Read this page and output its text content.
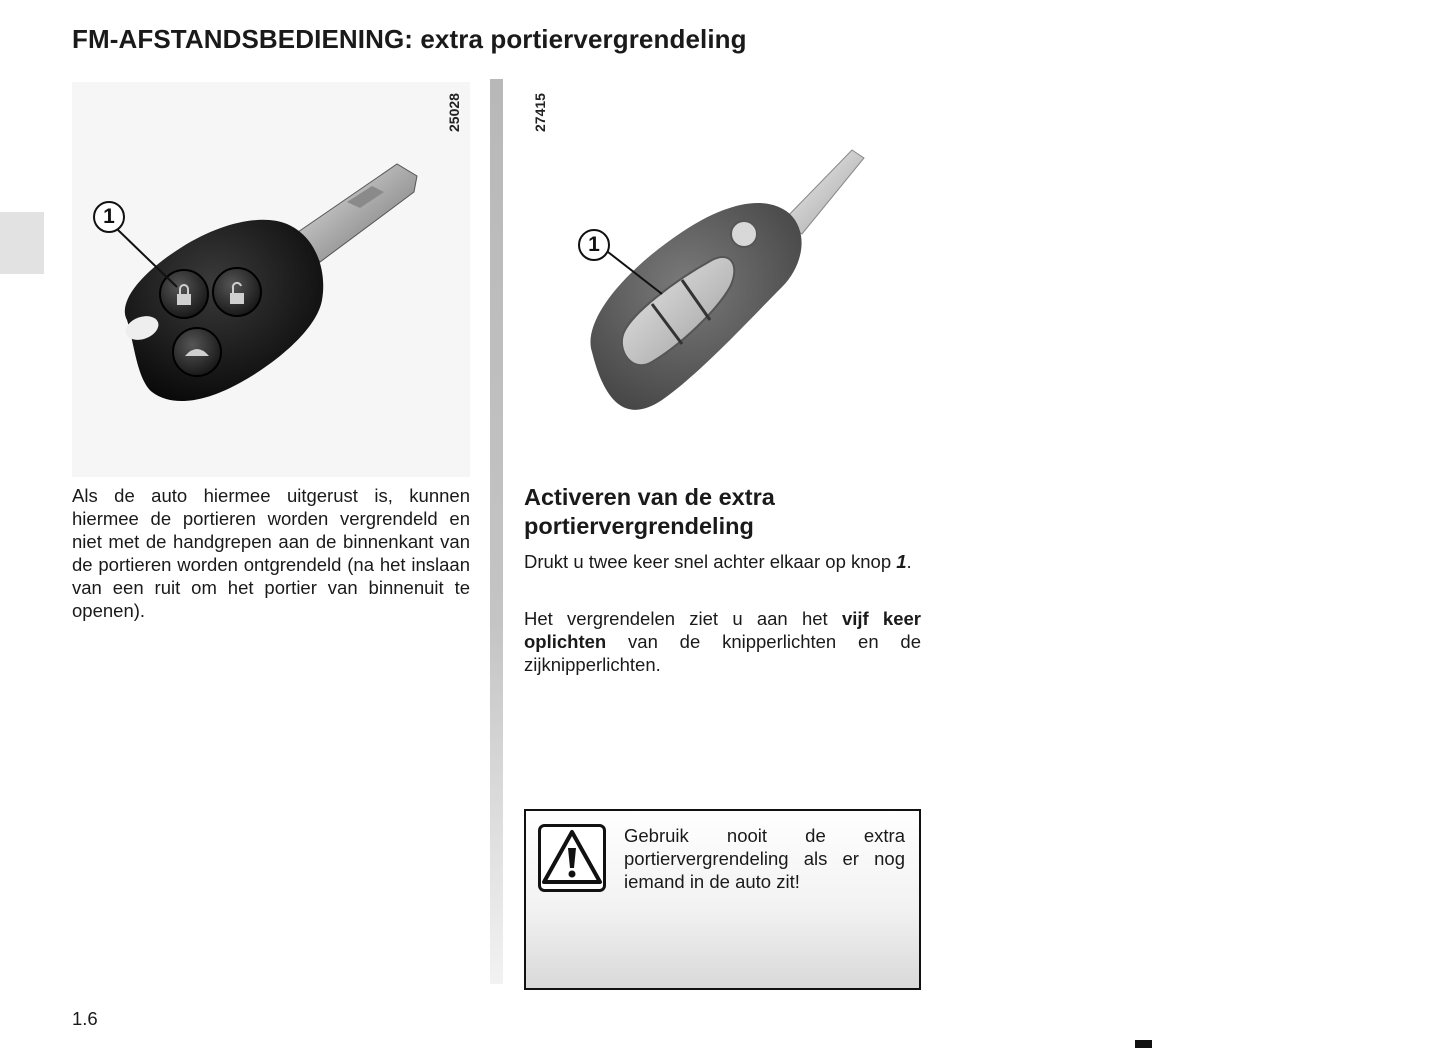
FM-AFSTANDSBEDIENING: extra portiervergrendeling
25028
1
27415
1

Als de auto hiermee uitgerust is, kunnen hiermee de portieren worden vergrendeld en niet met de handgrepen aan de binnenkant van de portieren worden ontgrendeld (na het inslaan van een ruit om het portier van binnenuit te openen).

Activeren van de extra portiervergrendeling

Drukt u twee keer snel achter elkaar op knop 1.

Het vergrendelen ziet u aan het vijf keer oplichten van de knipperlichten en de zijknipperlichten.

Gebruik nooit de extra portiervergrendeling als er nog iemand in de auto zit!

1.6
